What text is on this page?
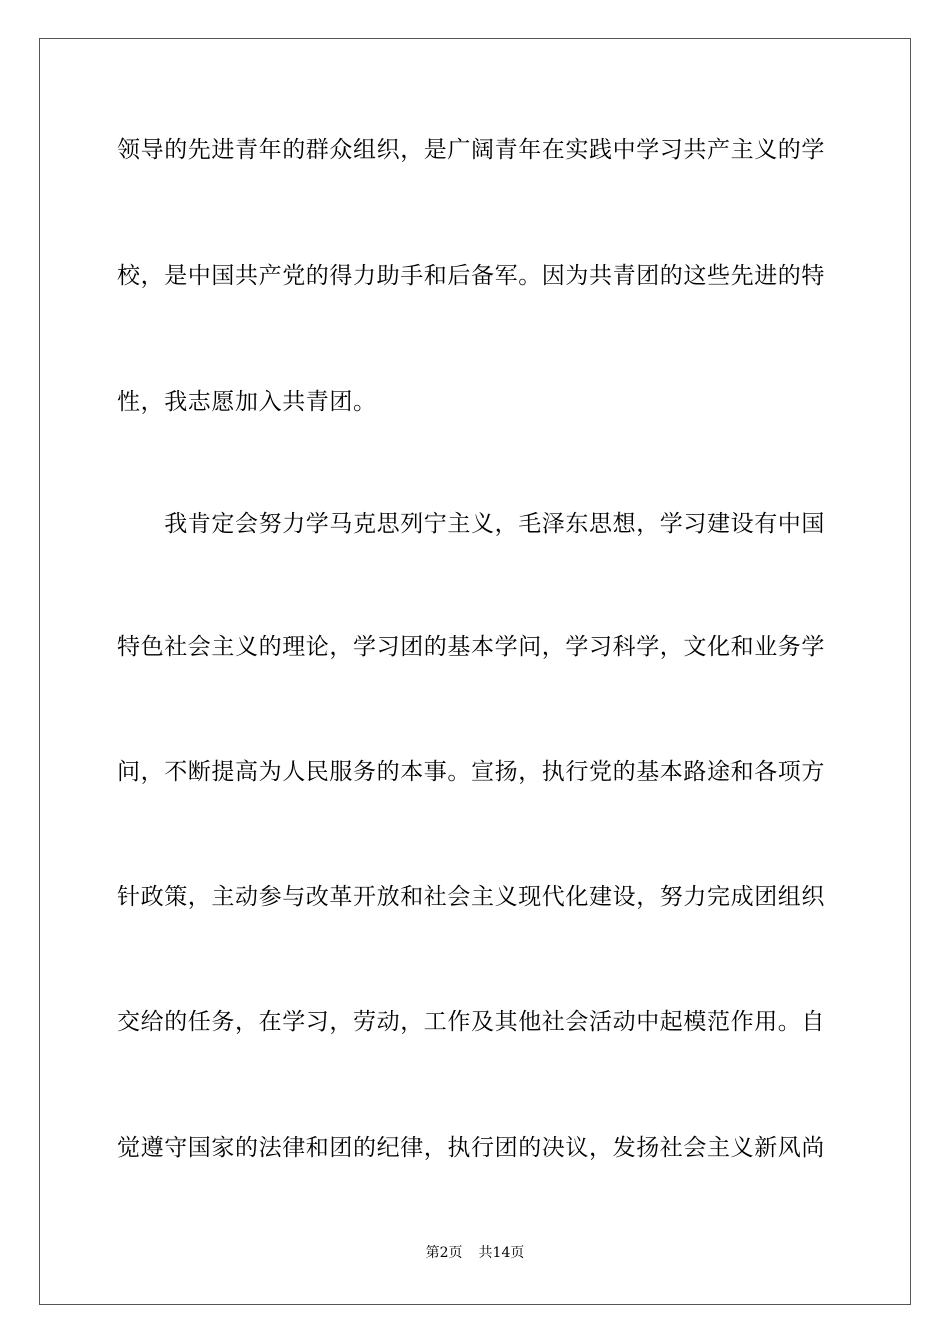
领导的先进青年的群众组织，是广阔青年在实践中学习共产主义的学
校，是中国共产党的得力助手和后备军。因为共青团的这些先进的特
性，我志愿加入共青团。
　　我肯定会努力学马克思列宁主义，毛泽东思想，学习建设有中国
特色社会主义的理论，学习团的基本学问，学习科学，文化和业务学
问，不断提高为人民服务的本事。宣扬，执行党的基本路途和各项方
针政策，主动参与改革开放和社会主义现代化建设，努力完成团组织
交给的任务，在学习，劳动，工作及其他社会活动中起模范作用。自
觉遵守国家的法律和团的纪律，执行团的决议，发扬社会主义新风尚
第2页 共14页
